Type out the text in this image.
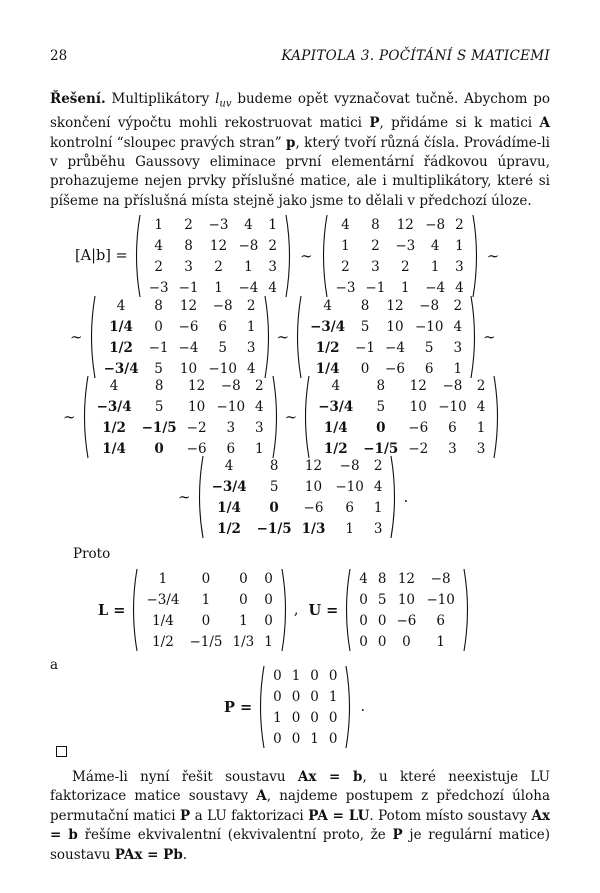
28	KAPITOLA 3. POČÍTÁNÍ S MATICEMI
Řešení. Multiplikátory $l_{uv}$ budeme opět vyznačovat tučně. Abychom po skončení výpočtu mohli rekostruovat matici P, přidáme si k matici A kontrolní “sloupec pravých stran” p, který tvoří různá čísla. Provádíme-li v průběhu Gaussovy eliminace první elementární řádkovou úpravu, prohazujeme nejen prvky příslušné matice, ale i multiplikátory, které si píšeme na příslušná místa stejně jako jsme to dělali v předchozí úloze.
[A|b] =
1	2	−3	4	1
4	8	12	−8	2
2	3	2	1	3
−3	−1	1	−4	4
∼
4	8	12	−8	2
1	2	−3	4	1
2	3	2	1	3
−3	−1	1	−4	4
∼
∼
4	8	12	−8	2
1/4	0	−6	6	1
1/2	−1	−4	5	3
−3/4	5	10	−10	4
∼
4	8	12	−8	2
−3/4	5	10	−10	4
1/2	−1	−4	5	3
1/4	0	−6	6	1
∼
∼
4	8	12	−8	2
−3/4	5	10	−10	4
1/2	−1/5	−2	3	3
1/4	0	−6	6	1
∼
4	8	12	−8	2
−3/4	5	10	−10	4
1/4	0	−6	6	1
1/2	−1/5	−2	3	3
∼
4	8	12	−8	2
−3/4	5	10	−10	4
1/4	0	−6	6	1
1/2	−1/5	1/3	1	3
.
Proto
L =
1	0	0	0
−3/4	1	0	0
1/4	0	1	0
1/2	−1/5	1/3	1
, U =
4	8	12	−8
0	5	10	−10
0	0	−6	6
0	0	0	1
a
P =
0	1	0	0
0	0	0	1
1	0	0	0
0	0	1	0
.
Máme-li nyní řešit soustavu Ax = b, u které neexistuje LU faktorizace matice soustavy A, najdeme postupem z předchozí úloha permutační matici P a LU faktorizaci PA = LU. Potom místo soustavy Ax = b řešíme ekvivalentní (ekvivalentní proto, že P je regulární matice) soustavu PAx = Pb.
